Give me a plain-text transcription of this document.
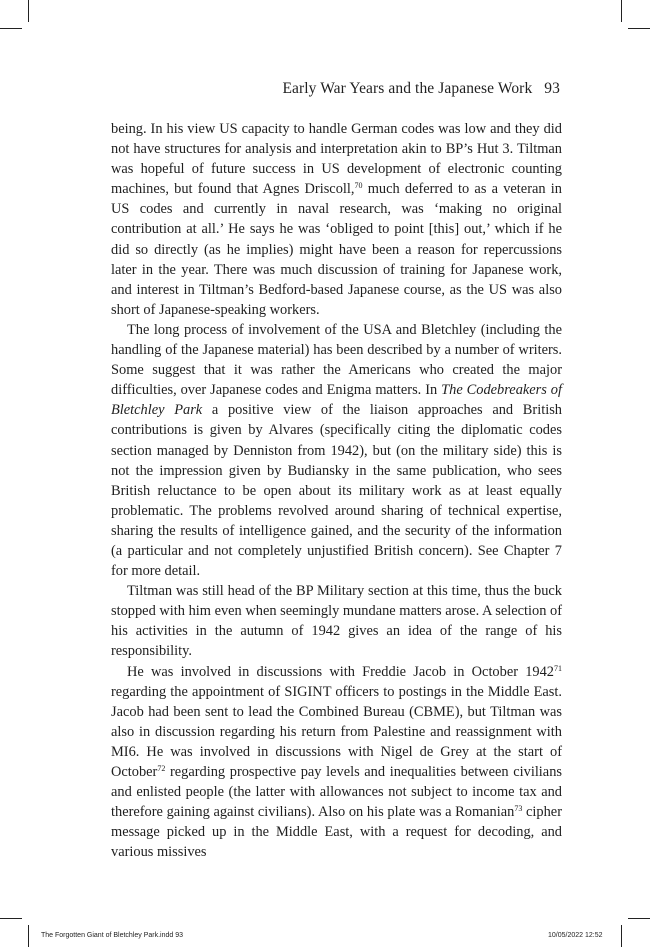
Early War Years and the Japanese Work 93

being. In his view US capacity to handle German codes was low and they did not have structures for analysis and interpretation akin to BP’s Hut 3. Tiltman was hopeful of future success in US development of electronic counting machines, but found that Agnes Driscoll,$^{70}$ much deferred to as a veteran in US codes and currently in naval research, was ‘making no original contribution at all.’ He says he was ‘obliged to point [this] out,’ which if he did so directly (as he implies) might have been a reason for repercussions later in the year. There was much discussion of training for Japanese work, and interest in Tiltman’s Bedford-based Japanese course, as the US was also short of Japanese-speaking workers.

The long process of involvement of the USA and Bletchley (including the handling of the Japanese material) has been described by a number of writers. Some suggest that it was rather the Americans who created the major difficulties, over Japanese codes and Enigma matters. In The Codebreakers of Bletchley Park a positive view of the liaison approaches and British contributions is given by Alvares (specifically citing the diplomatic codes section managed by Denniston from 1942), but (on the military side) this is not the impression given by Budiansky in the same publication, who sees British reluctance to be open about its military work as at least equally problematic. The problems revolved around sharing of technical expertise, sharing the results of intelligence gained, and the security of the information (a particular and not completely unjustified British concern). See Chapter 7 for more detail.

Tiltman was still head of the BP Military section at this time, thus the buck stopped with him even when seemingly mundane matters arose. A selection of his activities in the autumn of 1942 gives an idea of the range of his responsibility.

He was involved in discussions with Freddie Jacob in October 1942$^{71}$ regarding the appointment of SIGINT officers to postings in the Middle East. Jacob had been sent to lead the Combined Bureau (CBME), but Tiltman was also in discussion regarding his return from Palestine and reassignment with MI6. He was involved in discussions with Nigel de Grey at the start of October$^{72}$ regarding prospective pay levels and inequalities between civilians and enlisted people (the latter with allowances not subject to income tax and therefore gaining against civilians). Also on his plate was a Romanian$^{73}$ cipher message picked up in the Middle East, with a request for decoding, and various missives

The Forgotten Giant of Bletchley Park.indd 93	10/05/2022 12:52
